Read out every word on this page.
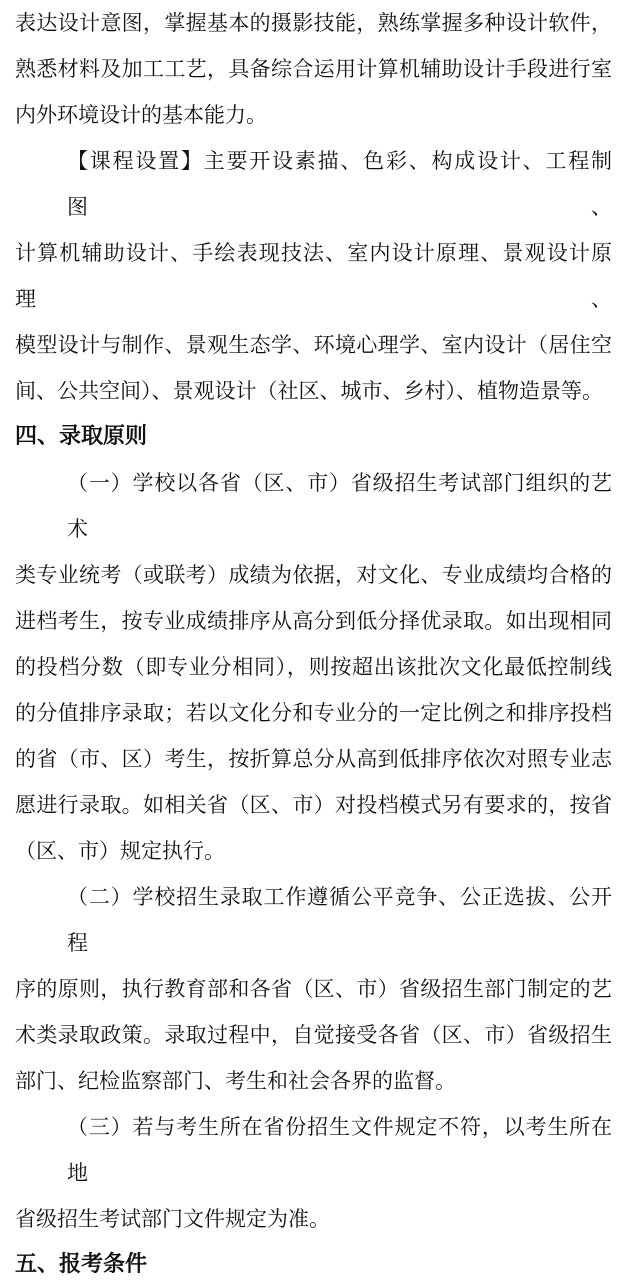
表达设计意图，掌握基本的摄影技能，熟练掌握多种设计软件，
熟悉材料及加工工艺，具备综合运用计算机辅助设计手段进行室
内外环境设计的基本能力。
【课程设置】主要开设素描、色彩、构成设计、工程制图、
计算机辅助设计、手绘表现技法、室内设计原理、景观设计原理、
模型设计与制作、景观生态学、环境心理学、室内设计（居住空
间、公共空间）、景观设计（社区、城市、乡村）、植物造景等。
四、录取原则
（一）学校以各省（区、市）省级招生考试部门组织的艺术
类专业统考（或联考）成绩为依据，对文化、专业成绩均合格的
进档考生，按专业成绩排序从高分到低分择优录取。如出现相同
的投档分数（即专业分相同），则按超出该批次文化最低控制线
的分值排序录取；若以文化分和专业分的一定比例之和排序投档
的省（市、区）考生，按折算总分从高到低排序依次对照专业志
愿进行录取。如相关省（区、市）对投档模式另有要求的，按省
（区、市）规定执行。
（二）学校招生录取工作遵循公平竞争、公正选拔、公开程
序的原则，执行教育部和各省（区、市）省级招生部门制定的艺
术类录取政策。录取过程中，自觉接受各省（区、市）省级招生
部门、纪检监察部门、考生和社会各界的监督。
（三）若与考生所在省份招生文件规定不符，以考生所在地
省级招生考试部门文件规定为准。
五、报考条件
